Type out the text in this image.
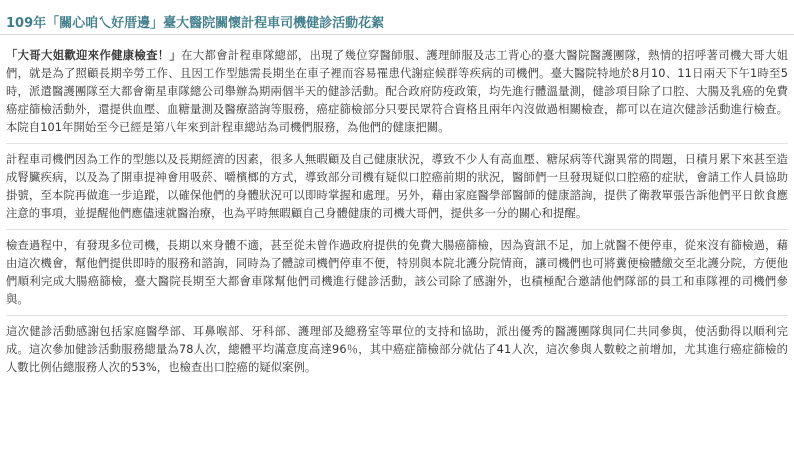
109年「關心咱乀好厝邊」臺大醫院關懷計程車司機健診活動花絮

「大哥大姐歡迎來作健康檢查！」在大都會計程車隊總部，出現了幾位穿醫師服、護理師服及志工背心的臺大醫院醫護團隊，熱情的招呼著司機大哥大姐們，就是為了照顧長期辛勞工作、且因工作型態需長期坐在車子裡而容易罹患代謝症候群等疾病的司機們。臺大醫院特地於8月10、11日兩天下午1時至5時，派遣醫護團隊至大都會衛星車隊總公司舉辦為期兩個半天的健診活動。配合政府防疫政策，均先進行體溫量測，健診項目除了口腔、大腸及乳癌的免費癌症篩檢活動外，還提供血壓、血糖量測及醫療諮詢等服務，癌症篩檢部分只要民眾符合資格且兩年內沒做過相關檢查，都可以在這次健診活動進行檢查。本院自101年開始至今已經是第八年來到計程車總站為司機們服務，為他們的健康把關。

計程車司機們因為工作的型態以及長期經濟的因素，很多人無暇顧及自己健康狀況，導致不少人有高血壓、糖尿病等代謝異常的問題，日積月累下來甚至造成腎臟疾病，以及為了開車提神會用吸菸、嚼檳榔的方式，導致部分司機有疑似口腔癌前期的狀況，醫師們一旦發現疑似口腔癌的症狀，會請工作人員協助掛號，至本院再做進一步追蹤，以確保他們的身體狀況可以即時掌握和處理。另外，藉由家庭醫學部醫師的健康諮詢，提供了衛教單張告訴他們平日飲食應注意的事項，並提醒他們應儘速就醫治療，也為平時無暇顧自己身體健康的司機大哥們，提供多一分的關心和提醒。

檢查過程中，有發現多位司機，長期以來身體不適，甚至從未曾作過政府提供的免費大腸癌篩檢，因為資訊不足，加上就醫不便停車，從來沒有篩檢過，藉由這次機會，幫他們提供即時的服務和諮詢，同時為了體諒司機們停車不便，特別與本院北護分院情商，讓司機們也可將糞便檢體繳交至北護分院，方便他們順利完成大腸癌篩檢，臺大醫院長期至大都會車隊幫他們司機進行健診活動，該公司除了感謝外，也積極配合邀請他們隊部的員工和車隊裡的司機們參與。

這次健診活動感謝包括家庭醫學部、耳鼻喉部、牙科部、護理部及總務室等單位的支持和協助，派出優秀的醫護團隊與同仁共同參與，使活動得以順利完成。這次參加健診活動服務總量為78人次，總體平均滿意度高達96％，其中癌症篩檢部分就佔了41人次，這次參與人數較之前增加，尤其進行癌症篩檢的人數比例佔總服務人次的53%，也檢查出口腔癌的疑似案例。
